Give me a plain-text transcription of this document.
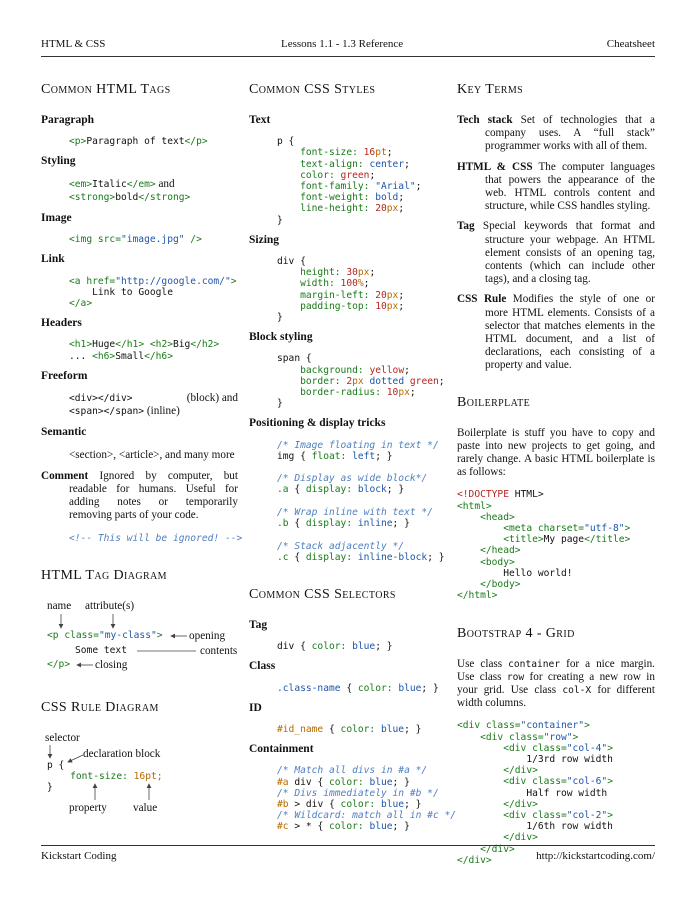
HTML & CSS	Lessons 1.1 - 1.3 Reference	Cheatsheet
Common HTML Tags
Paragraph
<p>Paragraph of text</p>
Styling
<em>Italic</em> and
<strong>bold</strong>
Image
<img src="image.jpg" />
Link
<a href="http://google.com/">
Link to Google
</a>
Headers
<h1>Huge</h1> <h2>Big</h2>
... <h6>Small</h6>
Freeform
<div></div>	(block) and

<span></span> (inline)
Semantic
<section>, <article>, and many more
Comment Ignored by computer, but readable for humans. Useful for adding notes or temporarily removing parts of your code.
<!-- This will be ignored! -->
HTML Tag Diagram
name attribute(s)
<p class="my-class"> opening
Some text	contents
</p> closing
CSS Rule Diagram
selector
declaration block
p {
font-size: 16pt;
}
property value
Common CSS Styles
Text
p {
font-size: 16pt;
text-align: center;
color: green;
font-family: "Arial";
font-weight: bold;
line-height: 20px;
}
Sizing
div {
height: 30px;
width: 100%;
margin-left: 20px;
padding-top: 10px;
}
Block styling
span {
background: yellow;
border: 2px dotted green;
border-radius: 10px;
}
Positioning & display tricks
/* Image floating in text */
img { float: left; }

/* Display as wide block*/
.a { display: block; }

/* Wrap inline with text */
.b { display: inline; }

/* Stack adjacently */
.c { display: inline-block; }
Common CSS Selectors
Tag
div { color: blue; }
Class
.class-name { color: blue; }
ID
#id_name { color: blue; }
Containment
/* Match all divs in #a */
#a div { color: blue; }
/* Divs immediately in #b */
#b > div { color: blue; }
/* Wildcard: match all in #c */
#c > * { color: blue; }
Key Terms
Tech stack Set of technologies that a company uses. A “full stack” programmer works with all of them.
HTML & CSS The computer languages that powers the appearance of the web. HTML controls content and structure, while CSS handles styling.
Tag Special keywords that format and structure your webpage. An HTML element consists of an opening tag, contents (which can include other tags), and a closing tag.
CSS Rule Modifies the style of one or more HTML elements. Consists of a selector that matches elements in the HTML document, and a list of declarations, each consisting of a property and value.
Boilerplate
Boilerplate is stuff you have to copy and paste into new projects to get going, and rarely change. A basic HTML boilerplate is as follows:
<!DOCTYPE HTML>
<html>
<head>
<meta charset="utf-8">
<title>My page</title>
</head>
<body>
Hello world!
</body>
</html>
Bootstrap 4 - Grid
Use class container for a nice margin. Use class row for creating a new row in your grid. Use class col-X for different width columns.
<div class="container">
<div class="row">
<div class="col-4">
1/3rd row width
</div>
<div class="col-6">
Half row width
</div>
<div class="col-2">
1/6th row width
</div>
</div>
</div>
Kickstart Coding	http://kickstartcoding.com/
